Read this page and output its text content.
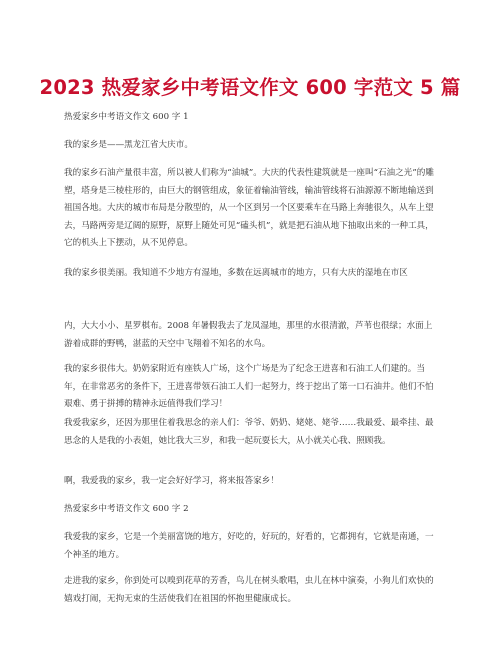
2023 热爱家乡中考语文作文 600 字范文 5 篇

热爱家乡中考语文作文 600 字 1

我的家乡是——黑龙江省大庆市。

我的家乡石油产量很丰富，所以被人们称为“油城”。大庆的代表性建筑就是一座叫“石油之光”的雕塑，塔身是三棱柱形的，由巨大的钢管组成，象征着输油管线，输油管线将石油源源不断地输送到祖国各地。大庆的城市布局是分散型的，从一个区到另一个区要乘车在马路上奔驰很久，从车上望去，马路两旁是辽阔的原野，原野上随处可见“磕头机”，就是把石油从地下抽取出来的一种工具，它的机头上下摆动，从不见停息。

我的家乡很美丽。我知道不少地方有湿地，多数在远离城市的地方，只有大庆的湿地在市区

内，大大小小、星罗棋布。2008 年暑假我去了龙凤湿地，那里的水很清澈，芦苇也很绿；水面上游着成群的野鸭，湛蓝的天空中飞翔着不知名的水鸟。

我的家乡很伟大。奶奶家附近有座铁人广场，这个广场是为了纪念王进喜和石油工人们建的。当年，在非常恶劣的条件下，王进喜带领石油工人们一起努力，终于挖出了第一口石油井。他们不怕艰难、勇于拼搏的精神永远值得我们学习！

我爱我家乡，还因为那里住着我思念的亲人们：爷爷、奶奶、姥姥、姥爷……我最爱、最牵挂、最思念的人是我的小表姐，她比我大三岁，和我一起玩耍长大，从小就关心我、照顾我。

啊，我爱我的家乡，我一定会好好学习，将来报答家乡！

热爱家乡中考语文作文 600 字 2

我爱我的家乡，它是一个美丽富饶的地方，好吃的，好玩的，好看的，它都拥有，它就是南通，一个神圣的地方。

走进我的家乡，你到处可以嗅到花草的芳香，鸟儿在树头歌唱，虫儿在林中演奏，小狗儿们欢快的嬉戏打闹，无拘无束的生活使我们在祖国的怀抱里健康成长。
